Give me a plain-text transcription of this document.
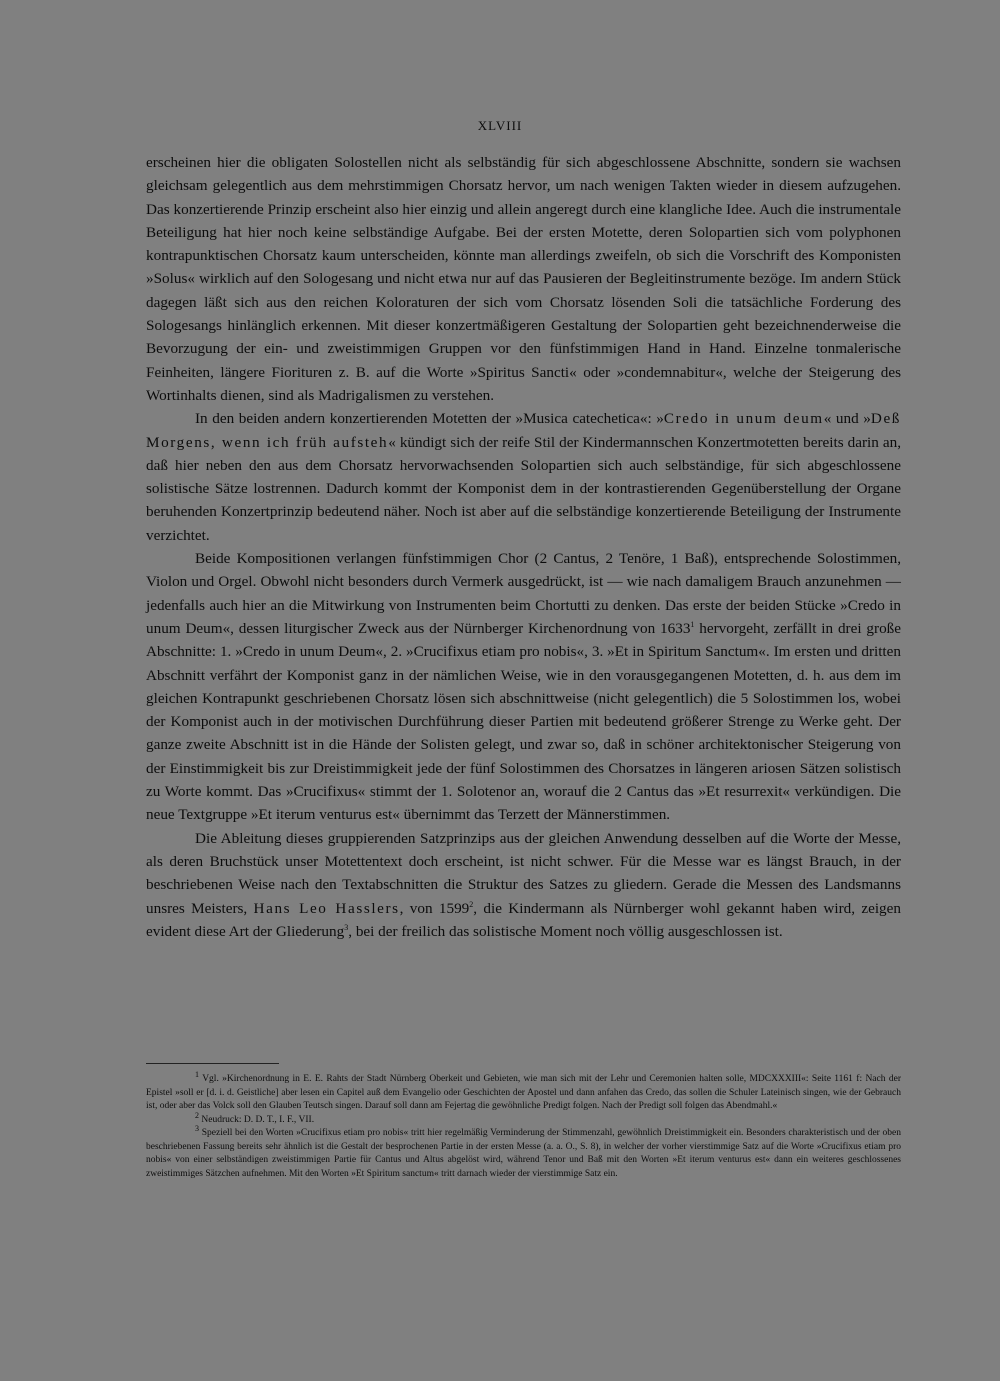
XLVIII

erscheinen hier die obligaten Solostellen nicht als selbständig für sich abgeschlossene Abschnitte, sondern sie wachsen gleichsam gelegentlich aus dem mehrstimmigen Chorsatz hervor, um nach wenigen Takten wieder in diesem aufzugehen. Das konzertierende Prinzip erscheint also hier einzig und allein angeregt durch eine klangliche Idee. Auch die instrumentale Beteiligung hat hier noch keine selbständige Aufgabe. Bei der ersten Motette, deren Solopartien sich vom polyphonen kontrapunktischen Chorsatz kaum unterscheiden, könnte man allerdings zweifeln, ob sich die Vorschrift des Komponisten »Solus« wirklich auf den Sologesang und nicht etwa nur auf das Pausieren der Begleitinstrumente bezöge. Im andern Stück dagegen läßt sich aus den reichen Koloraturen der sich vom Chorsatz lösenden Soli die tatsächliche Forderung des Sologesangs hinlänglich erkennen. Mit dieser konzertmäßigeren Gestaltung der Solopartien geht bezeichnenderweise die Bevorzugung der ein- und zweistimmigen Gruppen vor den fünfstimmigen Hand in Hand. Einzelne tonmalerische Feinheiten, längere Fiorituren z. B. auf die Worte »Spiritus Sancti« oder »condemnabitur«, welche der Steigerung des Wortinhalts dienen, sind als Madrigalismen zu verstehen.

In den beiden andern konzertierenden Motetten der »Musica catechetica«: »Credo in unum deum« und »Deß Morgens, wenn ich früh aufsteh« kündigt sich der reife Stil der Kindermannschen Konzertmotetten bereits darin an, daß hier neben den aus dem Chorsatz hervorwachsenden Solopartien sich auch selbständige, für sich abgeschlossene solistische Sätze lostrennen. Dadurch kommt der Komponist dem in der kontrastierenden Gegenüberstellung der Organe beruhenden Konzertprinzip bedeutend näher. Noch ist aber auf die selbständige konzertierende Beteiligung der Instrumente verzichtet.

Beide Kompositionen verlangen fünfstimmigen Chor (2 Cantus, 2 Tenöre, 1 Baß), entsprechende Solostimmen, Violon und Orgel. Obwohl nicht besonders durch Vermerk ausgedrückt, ist — wie nach damaligem Brauch anzunehmen — jedenfalls auch hier an die Mitwirkung von Instrumenten beim Chortutti zu denken. Das erste der beiden Stücke »Credo in unum Deum«, dessen liturgischer Zweck aus der Nürnberger Kirchenordnung von 1633$^1$ hervorgeht, zerfällt in drei große Abschnitte: 1. »Credo in unum Deum«, 2. »Crucifixus etiam pro nobis«, 3. »Et in Spiritum Sanctum«. Im ersten und dritten Abschnitt verfährt der Komponist ganz in der nämlichen Weise, wie in den vorausgegangenen Motetten, d. h. aus dem im gleichen Kontrapunkt geschriebenen Chorsatz lösen sich abschnittweise (nicht gelegentlich) die 5 Solostimmen los, wobei der Komponist auch in der motivischen Durchführung dieser Partien mit bedeutend größerer Strenge zu Werke geht. Der ganze zweite Abschnitt ist in die Hände der Solisten gelegt, und zwar so, daß in schöner architektonischer Steigerung von der Einstimmigkeit bis zur Dreistimmigkeit jede der fünf Solostimmen des Chorsatzes in längeren ariosen Sätzen solistisch zu Worte kommt. Das »Crucifixus« stimmt der 1. Solotenor an, worauf die 2 Cantus das »Et resurrexit« verkündigen. Die neue Textgruppe »Et iterum venturus est« übernimmt das Terzett der Männerstimmen.

Die Ableitung dieses gruppierenden Satzprinzips aus der gleichen Anwendung desselben auf die Worte der Messe, als deren Bruchstück unser Motettentext doch erscheint, ist nicht schwer. Für die Messe war es längst Brauch, in der beschriebenen Weise nach den Textabschnitten die Struktur des Satzes zu gliedern. Gerade die Messen des Landsmanns unsres Meisters, Hans Leo Hasslers, von 1599$^2$, die Kindermann als Nürnberger wohl gekannt haben wird, zeigen evident diese Art der Gliederung$^3$, bei der freilich das solistische Moment noch völlig ausgeschlossen ist.

$^1$ Vgl. »Kirchenordnung in E. E. Rahts der Stadt Nürnberg Oberkeit und Gebieten, wie man sich mit der Lehr und Ceremonien halten solle, MDCXXXIII«: Seite 1161 f: Nach der Epistel »soll er [d. i. d. Geistliche] aber lesen ein Capitel auß dem Evangelio oder Geschichten der Apostel und dann anfahen das Credo, das sollen die Schuler Lateinisch singen, wie der Gebrauch ist, oder aber das Volck soll den Glauben Teutsch singen. Darauf soll dann am Fejertag die gewöhnliche Predigt folgen. Nach der Predigt soll folgen das Abendmahl.«

$^2$ Neudruck: D. D. T., I. F., VII.

$^3$ Speziell bei den Worten »Crucifixus etiam pro nobis« tritt hier regelmäßig Verminderung der Stimmenzahl, gewöhnlich Dreistimmigkeit ein. Besonders charakteristisch und der oben beschriebenen Fassung bereits sehr ähnlich ist die Gestalt der besprochenen Partie in der ersten Messe (a. a. O., S. 8), in welcher der vorher vierstimmige Satz auf die Worte »Crucifixus etiam pro nobis« von einer selbständigen zweistimmigen Partie für Cantus und Altus abgelöst wird, während Tenor und Baß mit den Worten »Et iterum venturus est« dann ein weiteres geschlossenes zweistimmiges Sätzchen aufnehmen. Mit den Worten »Et Spiritum sanctum« tritt darnach wieder der vierstimmige Satz ein.
